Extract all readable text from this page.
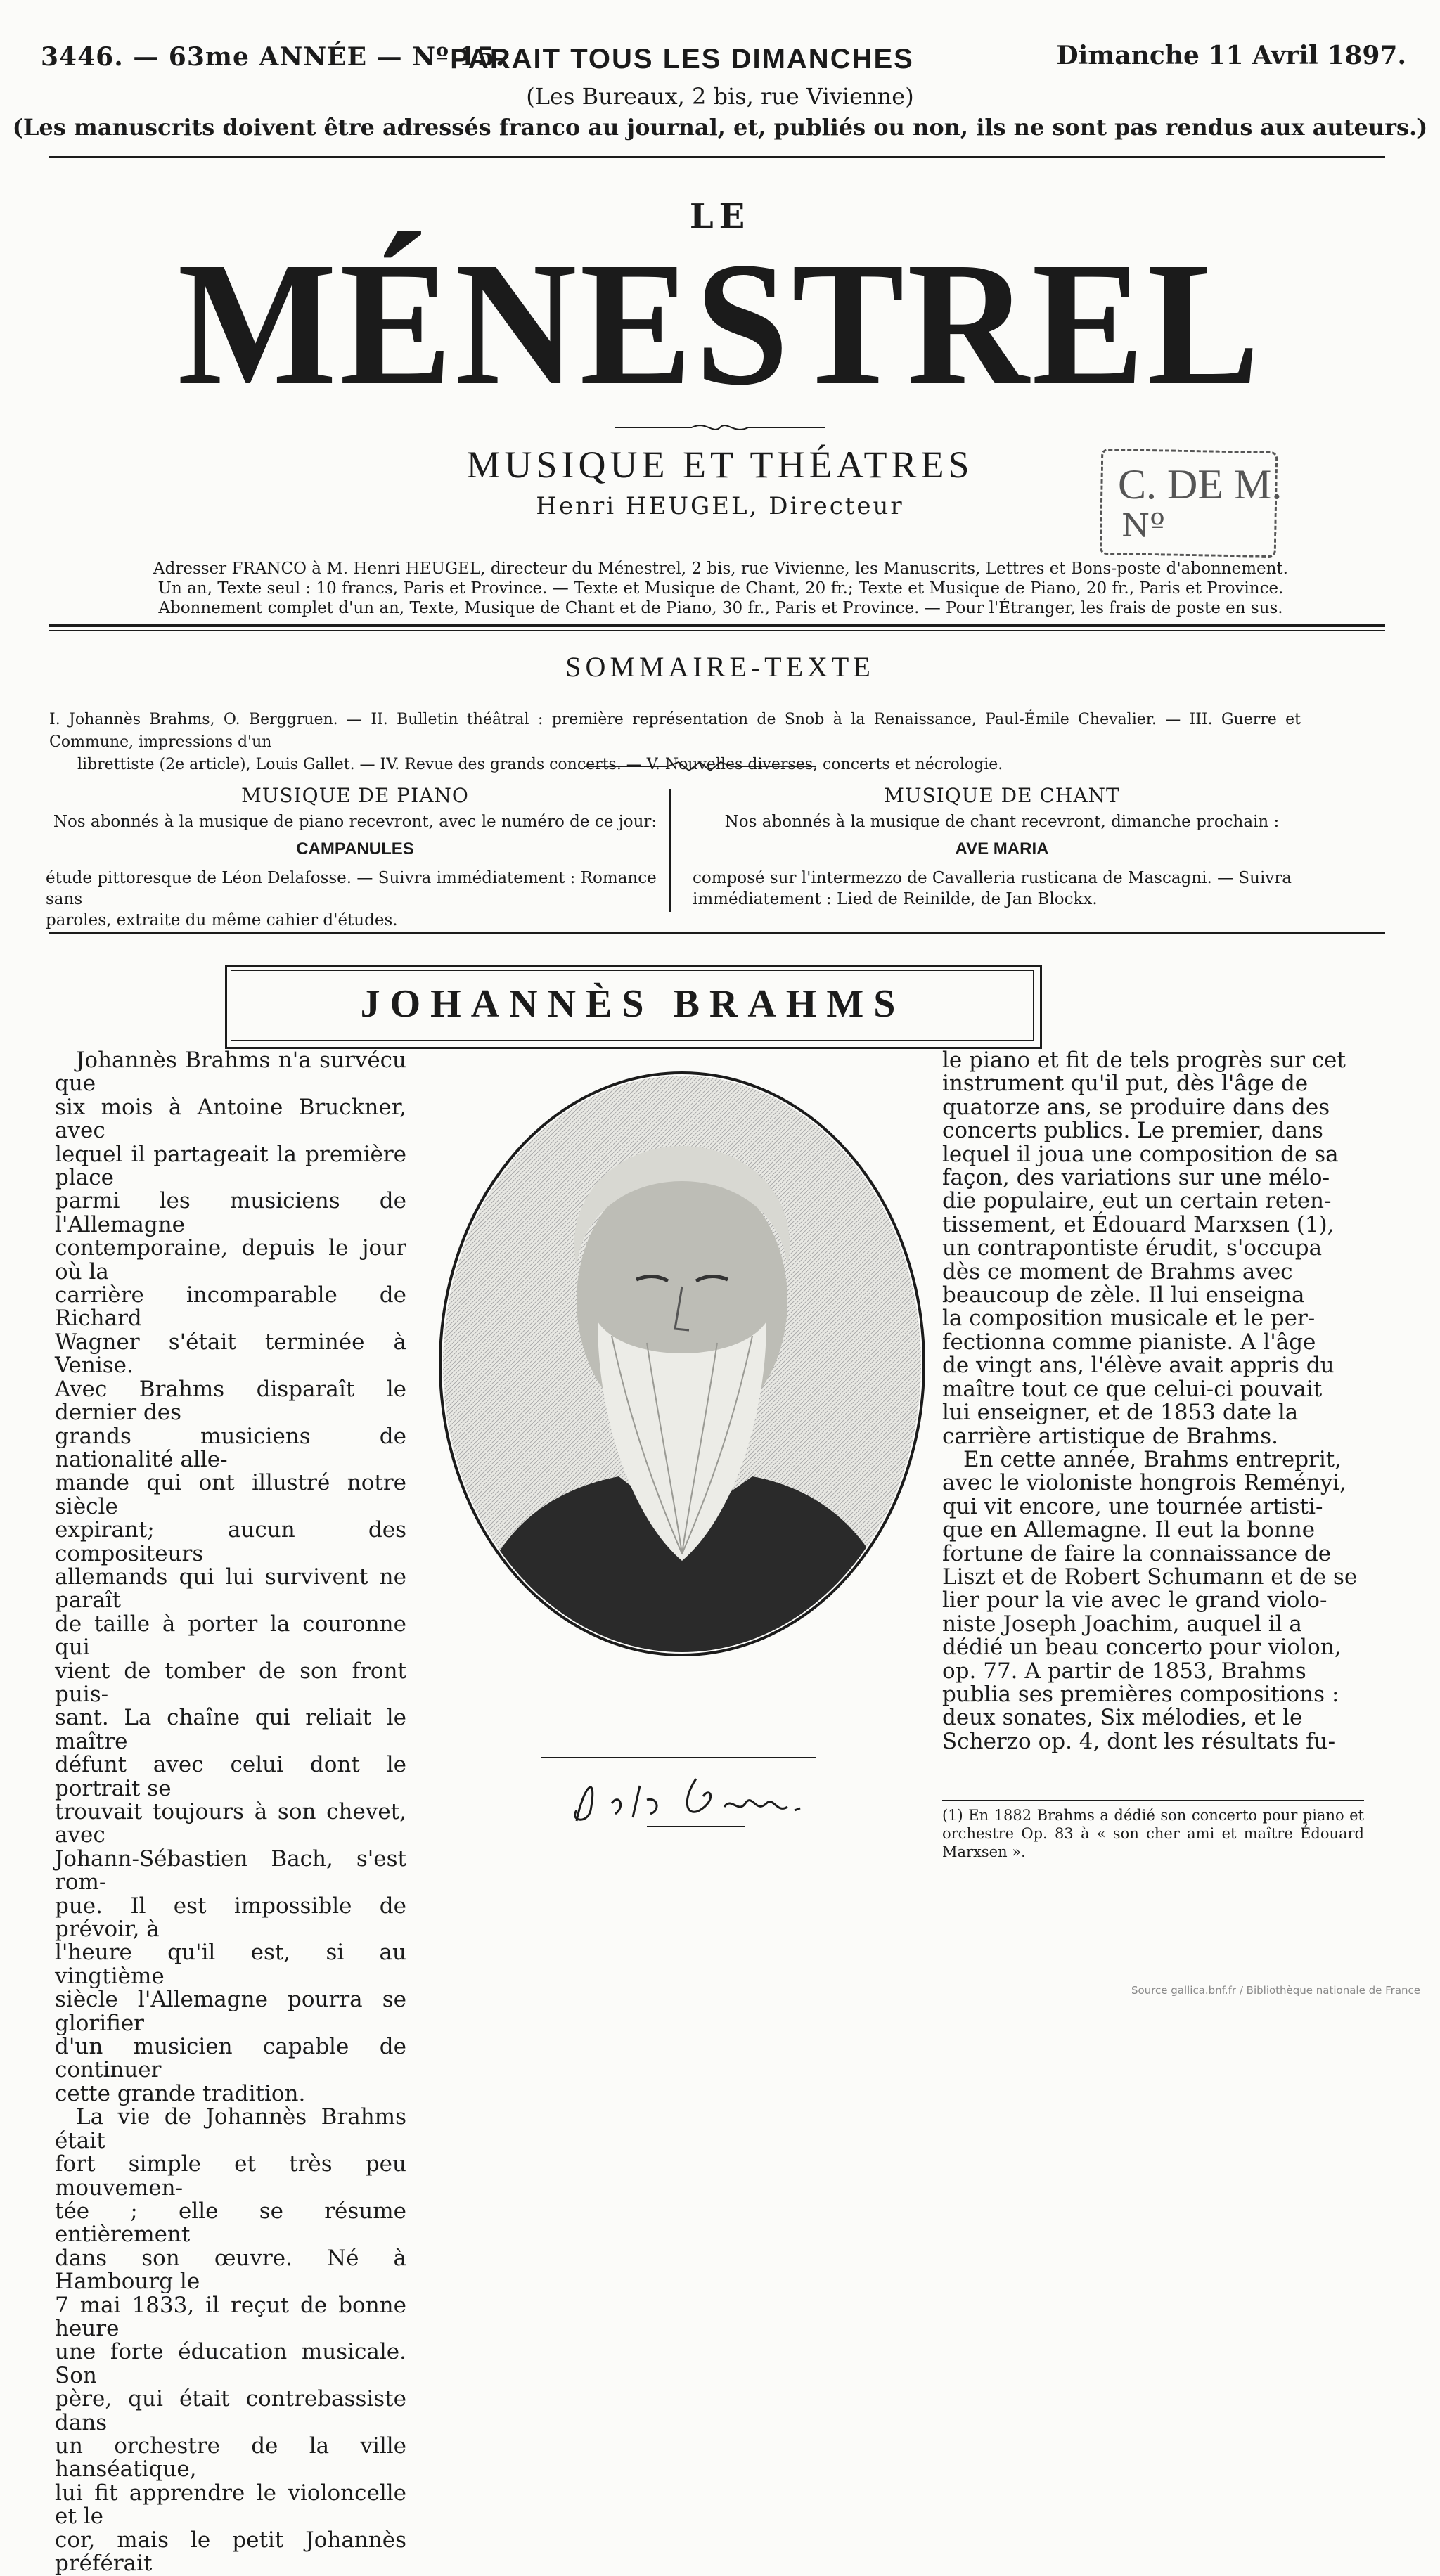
3446. — 63me ANNÉE — Nº 15.
PARAIT TOUS LES DIMANCHES	Dimanche 11 Avril 1897.
(Les Bureaux, 2 bis, rue Vivienne)
(Les manuscrits doivent être adressés franco au journal, et, publiés ou non, ils ne sont pas rendus aux auteurs.)
LE
MÉNESTREL
MUSIQUE ET THÉATRES
Henri HEUGEL, Directeur	C. DE M.
Nº
Adresser FRANCO à M. Henri HEUGEL, directeur du Ménestrel, 2 bis, rue Vivienne, les Manuscrits, Lettres et Bons-poste d'abonnement.
Un an, Texte seul : 10 francs, Paris et Province. — Texte et Musique de Chant, 20 fr.; Texte et Musique de Piano, 20 fr., Paris et Province.
Abonnement complet d'un an, Texte, Musique de Chant et de Piano, 30 fr., Paris et Province. — Pour l'Étranger, les frais de poste en sus.
SOMMAIRE-TEXTE
I. Johannès Brahms, O. Berggruen. — II. Bulletin théâtral : première représentation de Snob à la Renaissance, Paul-Émile Chevalier. — III. Guerre et Commune, impressions d'un
librettiste (2e article), Louis Gallet. — IV. Revue des grands concerts. — V. Nouvelles diverses, concerts et nécrologie.
MUSIQUE DE PIANO
Nos abonnés à la musique de piano recevront, avec le numéro de ce jour:
CAMPANULES
étude pittoresque de Léon Delafosse. — Suivra immédiatement : Romance sans
paroles, extraite du même cahier d'études.
MUSIQUE DE CHANT
Nos abonnés à la musique de chant recevront, dimanche prochain :
AVE MARIA
composé sur l'intermezzo de Cavalleria rusticana de Mascagni. — Suivra
immédiatement : Lied de Reinilde, de Jan Blockx.
JOHANNÈS BRAHMS
Johannès Brahms n'a survécu que
six mois à Antoine Bruckner, avec
lequel il partageait la première place
parmi les musiciens de l'Allemagne
contemporaine, depuis le jour où la
carrière incomparable de Richard
Wagner s'était terminée à Venise.
Avec Brahms disparaît le dernier des
grands musiciens de nationalité alle-
mande qui ont illustré notre siècle
expirant; aucun des compositeurs
allemands qui lui survivent ne paraît
de taille à porter la couronne qui
vient de tomber de son front puis-
sant. La chaîne qui reliait le maître
défunt avec celui dont le portrait se
trouvait toujours à son chevet, avec
Johann-Sébastien Bach, s'est rom-
pue. Il est impossible de prévoir, à
l'heure qu'il est, si au vingtième
siècle l'Allemagne pourra se glorifier
d'un musicien capable de continuer
cette grande tradition.
La vie de Johannès Brahms était
fort simple et très peu mouvemen-
tée ; elle se résume entièrement
dans son œuvre. Né à Hambourg le
7 mai 1833, il reçut de bonne heure
une forte éducation musicale. Son
père, qui était contrebassiste dans
un orchestre de la ville hanséatique,
lui fit apprendre le violoncelle et le
cor, mais le petit Johannès préférait
le piano et fit de tels progrès sur cet
instrument qu'il put, dès l'âge de
quatorze ans, se produire dans des
concerts publics. Le premier, dans
lequel il joua une composition de sa
façon, des variations sur une mélo-
die populaire, eut un certain reten-
tissement, et Édouard Marxsen (1),
un contrapontiste érudit, s'occupa
dès ce moment de Brahms avec
beaucoup de zèle. Il lui enseigna
la composition musicale et le per-
fectionna comme pianiste. A l'âge
de vingt ans, l'élève avait appris du
maître tout ce que celui-ci pouvait
lui enseigner, et de 1853 date la
carrière artistique de Brahms.
En cette année, Brahms entreprit,
avec le violoniste hongrois Reményi,
qui vit encore, une tournée artisti-
que en Allemagne. Il eut la bonne
fortune de faire la connaissance de
Liszt et de Robert Schumann et de se
lier pour la vie avec le grand violo-
niste Joseph Joachim, auquel il a
dédié un beau concerto pour violon,
op. 77. A partir de 1853, Brahms
publia ses premières compositions :
deux sonates, Six mélodies, et le
Scherzo op. 4, dont les résultats fu-
(1) En 1882 Brahms a dédié son concerto pour piano et orchestre Op. 83 à « son cher ami et maître Édouard Marxsen ».
Source gallica.bnf.fr / Bibliothèque nationale de France
